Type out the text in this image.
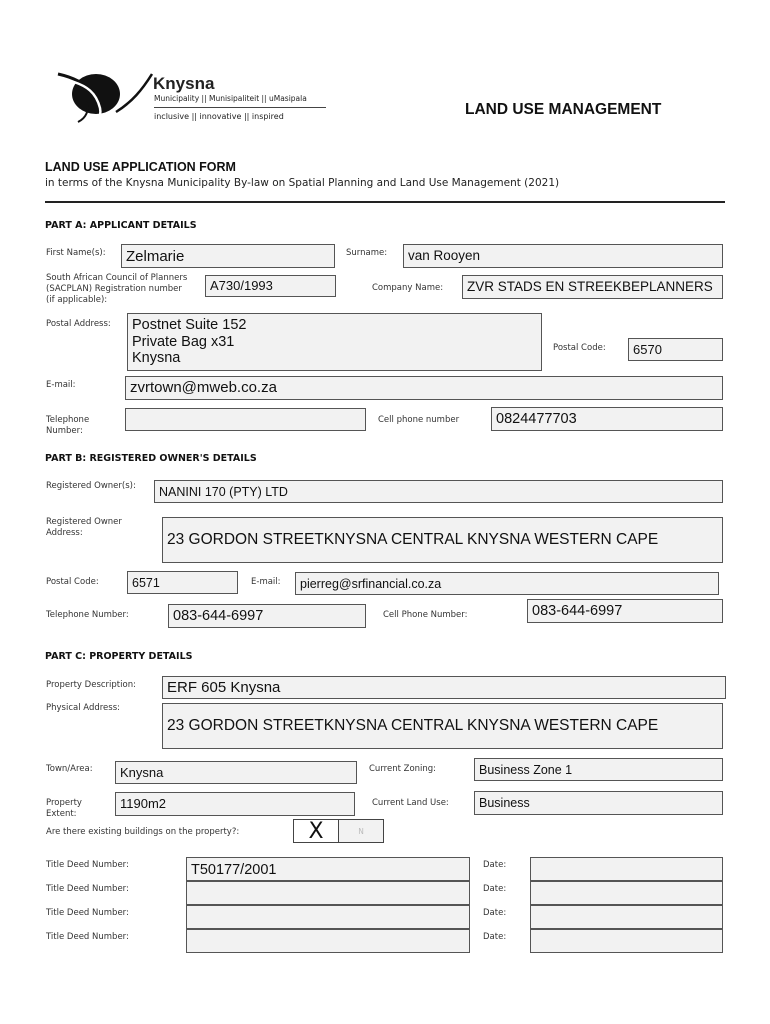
Knysna
Municipality || Munisipaliteit || uMasipala
inclusive || innovative || inspired	LAND USE MANAGEMENT
LAND USE APPLICATION FORM
in terms of the Knysna Municipality By-law on Spatial Planning and Land Use Management (2021)
PART A: APPLICANT DETAILS
First Name(s):	Zelmarie	Surname:	van Rooyen
South African Council of Planners
(SACPLAN) Registration number
(if applicable):
A730/1993	Company Name:	ZVR STADS EN STREEKBEPLANNERS
Postal Address:	Postnet Suite 152
Private Bag x31
Knysna
Postal Code:	6570
E-mail:	zvrtown@mweb.co.za
Telephone
Number:
Cell phone number	0824477703
PART B: REGISTERED OWNER'S DETAILS
Registered Owner(s):	NANINI 170 (PTY) LTD
Registered Owner
Address:	23 GORDON STREETKNYSNA CENTRAL KNYSNA WESTERN CAPE
Postal Code:	6571	E-mail:	pierreg@srfinancial.co.za
Telephone Number:	083-644-6997	Cell Phone Number:	083-644-6997
PART C: PROPERTY DETAILS
Property Description:	ERF 605 Knysna
Physical Address:
23 GORDON STREETKNYSNA CENTRAL KNYSNA WESTERN CAPE
Town/Area:	Knysna	Current Zoning:	Business Zone 1
Property
Extent:
1190m2	Current Land Use:	Business
Are there existing buildings on the property?:	X	N
Title Deed Number:	T50177/2001	Date:
Title Deed Number:	Date:
Title Deed Number:	Date:
Title Deed Number:	Date:
